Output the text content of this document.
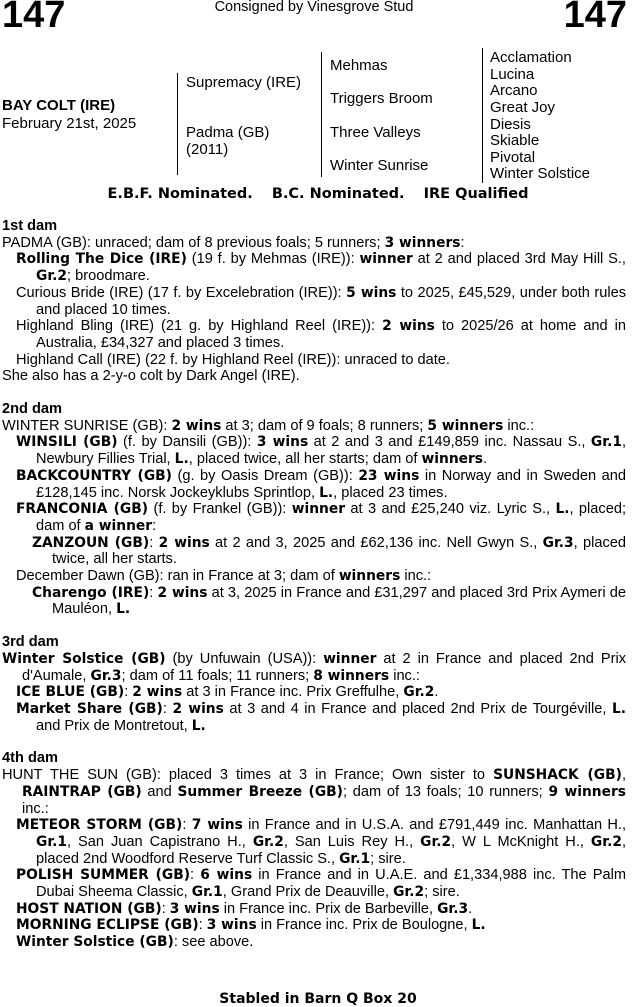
147	Consigned by Vinesgrove Stud	147
BAY COLT (IRE)
February 21st, 2025
Supremacy (IRE)
Padma (GB)
(2011)
Mehmas
Triggers Broom
Three Valleys
Winter Sunrise
Acclamation
Lucina
Arcano
Great Joy
Diesis
Skiable
Pivotal
Winter Solstice
E.B.F. Nominated. B.C. Nominated. IRE Qualified
1st dam
PADMA (GB): unraced; dam of 8 previous foals; 5 runners; 3 winners:
Rolling The Dice (IRE) (19 f. by Mehmas (IRE)): winner at 2 and placed 3rd May Hill S., Gr.2; broodmare.
Curious Bride (IRE) (17 f. by Excelebration (IRE)): 5 wins to 2025, £45,529, under both rules and placed 10 times.
Highland Bling (IRE) (21 g. by Highland Reel (IRE)): 2 wins to 2025/26 at home and in Australia, £34,327 and placed 3 times.
Highland Call (IRE) (22 f. by Highland Reel (IRE)): unraced to date.
She also has a 2-y-o colt by Dark Angel (IRE).
2nd dam
WINTER SUNRISE (GB): 2 wins at 3; dam of 9 foals; 8 runners; 5 winners inc.:
WINSILI (GB) (f. by Dansili (GB)): 3 wins at 2 and 3 and £149,859 inc. Nassau S., Gr.1, Newbury Fillies Trial, L., placed twice, all her starts; dam of winners.
BACKCOUNTRY (GB) (g. by Oasis Dream (GB)): 23 wins in Norway and in Sweden and £128,145 inc. Norsk Jockeyklubs Sprintlop, L., placed 23 times.
FRANCONIA (GB) (f. by Frankel (GB)): winner at 3 and £25,240 viz. Lyric S., L., placed; dam of a winner:
ZANZOUN (GB): 2 wins at 2 and 3, 2025 and £62,136 inc. Nell Gwyn S., Gr.3, placed twice, all her starts.
December Dawn (GB): ran in France at 3; dam of winners inc.:
Charengo (IRE): 2 wins at 3, 2025 in France and £31,297 and placed 3rd Prix Aymeri de Mauléon, L.
3rd dam
Winter Solstice (GB) (by Unfuwain (USA)): winner at 2 in France and placed 2nd Prix d'Aumale, Gr.3; dam of 11 foals; 11 runners; 8 winners inc.:
ICE BLUE (GB): 2 wins at 3 in France inc. Prix Greffulhe, Gr.2.
Market Share (GB): 2 wins at 3 and 4 in France and placed 2nd Prix de Tourgéville, L. and Prix de Montretout, L.
4th dam
HUNT THE SUN (GB): placed 3 times at 3 in France; Own sister to SUNSHACK (GB), RAINTRAP (GB) and Summer Breeze (GB); dam of 13 foals; 10 runners; 9 winners inc.:
METEOR STORM (GB): 7 wins in France and in U.S.A. and £791,449 inc. Manhattan H., Gr.1, San Juan Capistrano H., Gr.2, San Luis Rey H., Gr.2, W L McKnight H., Gr.2, placed 2nd Woodford Reserve Turf Classic S., Gr.1; sire.
POLISH SUMMER (GB): 6 wins in France and in U.A.E. and £1,334,988 inc. The Palm Dubai Sheema Classic, Gr.1, Grand Prix de Deauville, Gr.2; sire.
HOST NATION (GB): 3 wins in France inc. Prix de Barbeville, Gr.3.
MORNING ECLIPSE (GB): 3 wins in France inc. Prix de Boulogne, L.
Winter Solstice (GB): see above.
Stabled in Barn Q Box 20
